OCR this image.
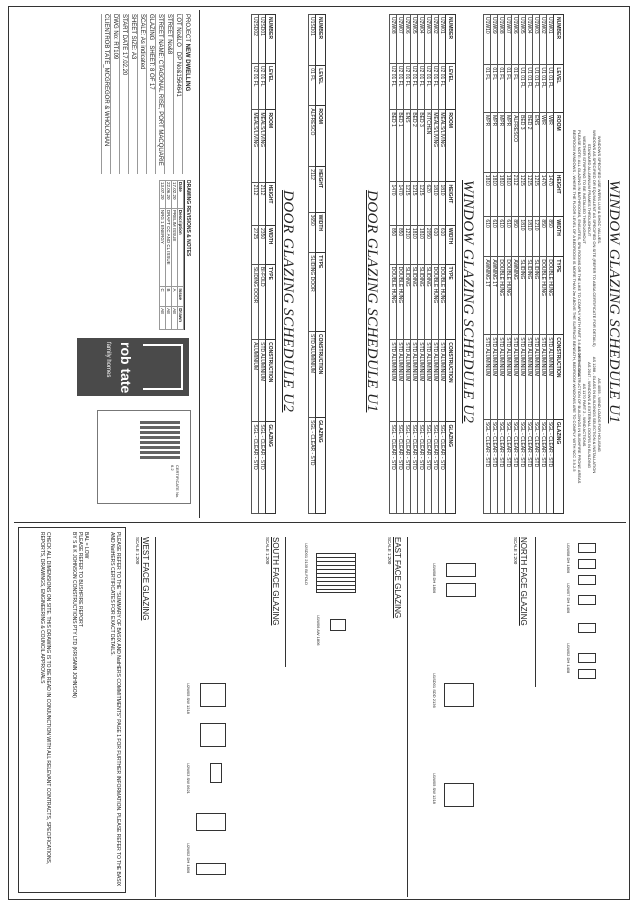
WINDOW GLAZING SCHEDULE U1
WINDOWS SPECIFIED USE WERS U-W & SHGC VALUES.
WINDOWS AS SPECIFIED OR EQUIVALENT AS SPECIFIED ON SITE (REFER TO ABSA CERTIFICATE FOR DETAILS)
STANDARD ALUMINIUM FRAMES THROUGHOUT
WEATHER STRIPPING TO BE INSTALLED THROUGHOUT
PLEASE NOTE: ALL GLAZING IN BATHROOMS, ENSUITES, SPA ROOMS OR THE LIKE TO COMPLY WITH PART 3.6.4.5 OF THE BCA
BEDROOM WINDOWS - WHERE THE FLOOR LEVEL OF A BEDROOM IS MORE THAN 2m ABOVE THE SURFACE BENEATH, BEDROOM WINDOWS ARE TO COMPLY WITH NCC 3.9.2.5	AS 4055 - WIND LOADS FOR HOUSING
AS 1288 - GLASS IN BUILDINGS SELECTION & INSTALLATION
AS 2047 - WINDOWS & EXTERNAL DOORS IN BUILDING
AS 1170 PART 2 - WIND ACTIONS
AS 3959 - CONSTRUCTION OF BUILDINGS IN BUSHFIRE PRONE AREAS
NUMBER	LEVEL	ROOM	HEIGHT	WIDTH	TYPE	CONSTRUCTION	GLAZING
U1W01	U1 01 FL	WIR	1470	850	DOUBLE HUNG	STD ALUMINIUM	SGL - CLEAR - STD
U1W02	U1 01 FL	WIR	1470	850	DOUBLE HUNG	STD ALUMINIUM	SGL - CLEAR - STD
U1W03	U1 01 FL	ENS	1215	1210	SLIDING	STD ALUMINIUM	SGL - CLEAR - STD
U1W04	U1 01 FL	BED 2	1215	1810	SLIDING	STD ALUMINIUM	SGL - CLEAR - STD
U1W05	U1 01 FL	BED 3	1215	1810	SLIDING	STD ALUMINIUM	SGL - CLEAR - STD
U1W06	01 FL	ALFRESCO	2112	850	AWNING	STD ALUMINIUM	SGL - CLEAR - STD
U1W07	01 FL	MPR	1810	610	DOUBLE HUNG	STD ALUMINIUM	SGL - CLEAR - STD
U1W08	01 FL	MPR	1810	610	DOUBLE HUNG	STD ALUMINIUM	SGL - CLEAR - STD
U1W09	01 FL	MPR	1810	610	AWNING 1T	STD ALUMINIUM	SGL - CLEAR - STD
U1W10	01 FL	MPR	1810	610	AWNING 1T	STD ALUMINIUM	SGL - CLEAR - STD
WINDOW GLAZING SCHEDULE U2
NUMBER	LEVEL	ROOM	HEIGHT	WIDTH	TYPE	CONSTRUCTION	GLAZING
U2W01	U2 01 FL	MEALS/LIVING	1810	610	DOUBLE HUNG	STD ALUMINIUM	SGL - CLEAR - STD
U2W02	U2 01 FL	MEALS/LIVING	1810	610	DOUBLE HUNG	STD ALUMINIUM	SGL - CLEAR - STD
U2W03	U2 01 FL	KITCHEN	620	2050	SLIDING	STD ALUMINIUM	SGL - CLEAR - STD
U2W04	U2 01 FL	BED 3	1215	1810	SLIDING	STD ALUMINIUM	SGL - CLEAR - STD
U2W05	U2 01 FL	BED 2	1215	1810	SLIDING	STD ALUMINIUM	SGL - CLEAR - STD
U2W06	U2 01 FL	ENS	1215	1210	SLIDING	STD ALUMINIUM	SGL - CLEAR - STD
U2W07	U2 01 FL	BED 1	1470	850	DOUBLE HUNG	STD ALUMINIUM	SGL - CLEAR - STD
U2W08	U2 01 FL	BED 1	1470	850	DOUBLE HUNG	STD ALUMINIUM	SGL - CLEAR - STD
DOOR GLAZING SCHEDULE U1
NUMBER	LEVEL	ROOM	HEIGHT	WIDTH	TYPE	CONSTRUCTION	GLAZING
U1SD01	01 FL	ALFRESCO	2112	3650	SLIDING DOOR	STD ALUMINIUM	SGL - CLEAR - STD
DOOR GLAZING SCHEDULE U2
NUMBER	LEVEL	ROOM	HEIGHT	WIDTH	TYPE	CONSTRUCTION	GLAZING
U2SD01	U2 01 FL	MEALS/LIVING	2112	2350	BI-FOLD	STD ALUMINIUM	SGL - CLEAR - STD
U2SD02	U2 01 FL	MEALS/LIVING	2112	2725	SLIDING DOOR	ALUMINIUM	SGL - CLEAR - STD
PROJECT NEW DWELLING
LOT No&LO   DP No&1564641
STREET No&8
STREET NAME: CTAGONAL RISE, PORT MACQUARIE
GLAZING   SHEET: 8 OF 17
SCALE: As indicated
SHEET SIZE: A3
START DATE 17.02.20
DWG No: RT109
CLIENTROB TATE_MCGREGOR & WHOLOHAN
DRAWING REVISIONS & NOTES
Date	Description	Issue	Drawn
17.02.20	PRELIM ISSUE	A	AE
22.06.20	DRAFT CC AND CL ISSUE	B	AE
13.07.20	NRG 1 ENERGY	C	AE
rob tate
family homes
CERTIFICATE No. 6.2
U1W08 DH 1806
U2W07 DH 1406
U1W02 DH 1408
NORTH FACE GLAZING
SCALE 1:200
U1W08 DH 1806
U1SD01 SDD 2136
U1W05 SW 1218
EAST FACE GLAZING
SCALE 1:200
U2SD01 2135 BI-FOLD
U1W06 AW 1806
SOUTH FACE GLAZING
SCALE 1:200
U2W05 SW 1218
U2W03 SW 0621
U2W02 DH 1806
WEST FACE GLAZING
SCALE 1:200
PLEASE REFER TO THE "SUMMARY OF BASIX AND NatHERS COMMITMENTS" PAGE 1 FOR FURTHER INFORMATION. PLEASE REFER TO THE BASIX AND NatHERS CERTIFICATES FOR EXACT DETAILS.
BAL = LOW
PLEASE REFER TO BUSHFIRE REPORT
BY S & K JOHNSON CONSTRUCTIONS PTY LTD (KRISANN JOHNSON)
CHECK ALL DIMENSIONS ON SITE. THIS DRAWING IS TO BE READ IN CONJUNCTION WITH ALL RELEVANT CONTRACTS, SPECIFICATIONS, REPORTS, DRAWINGS, ENGINEERING & COUNCIL APPROVALS
